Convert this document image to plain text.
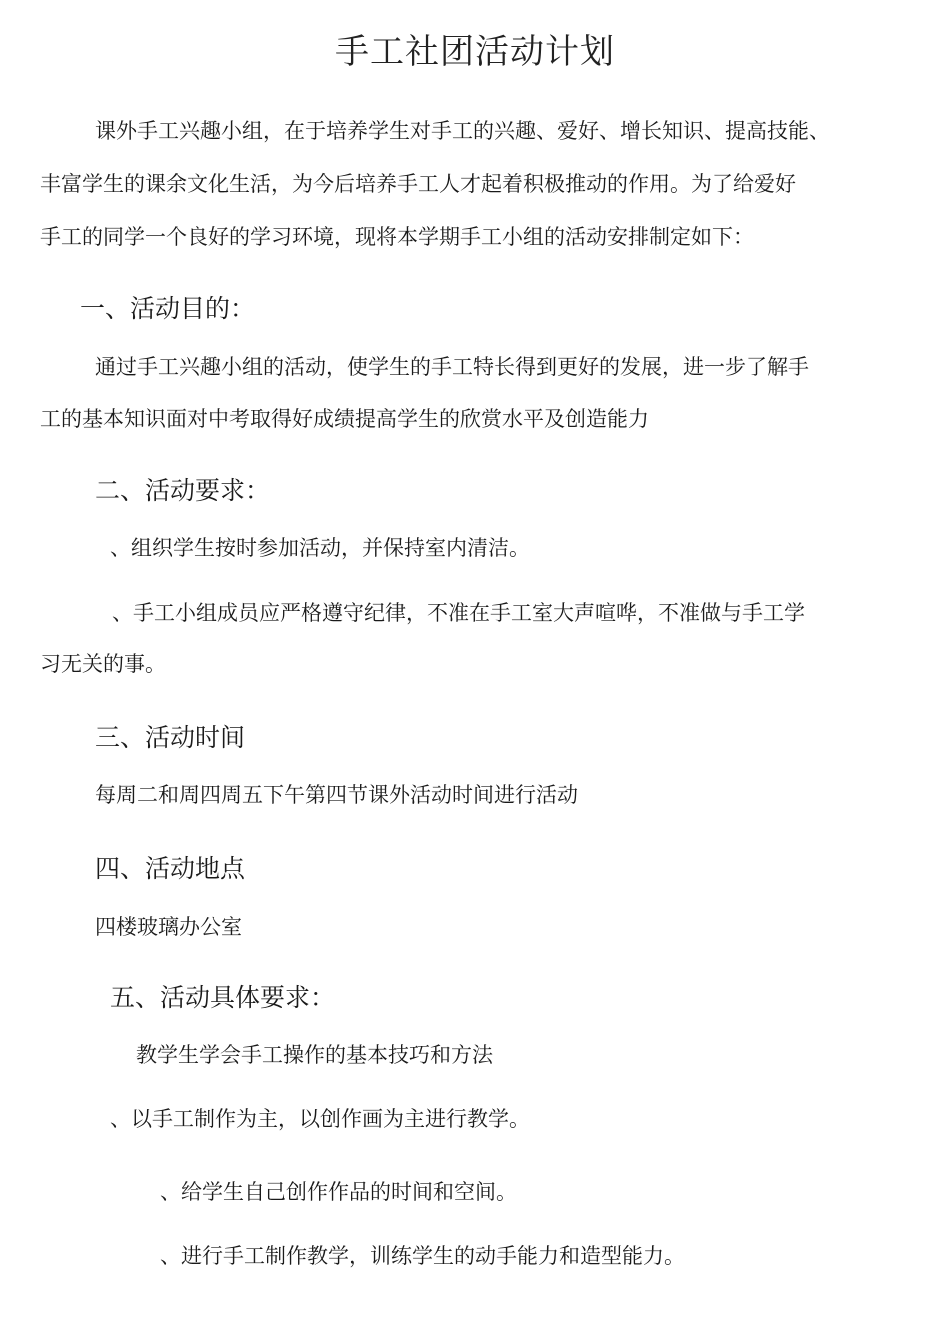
手工社团活动计划
课外手工兴趣小组，在于培养学生对手工的兴趣、爱好、增长知识、提高技能、
丰富学生的课余文化生活，为今后培养手工人才起着积极推动的作用。为了给爱好
手工的同学一个良好的学习环境，现将本学期手工小组的活动安排制定如下：
一、活动目的：
通过手工兴趣小组的活动，使学生的手工特长得到更好的发展，进一步了解手
工的基本知识面对中考取得好成绩提高学生的欣赏水平及创造能力
二、活动要求：
、组织学生按时参加活动，并保持室内清洁。
、手工小组成员应严格遵守纪律，不准在手工室大声喧哗，不准做与手工学
习无关的事。
三、活动时间
每周二和周四周五下午第四节课外活动时间进行活动
四、活动地点
四楼玻璃办公室
五、活动具体要求：
教学生学会手工操作的基本技巧和方法
、以手工制作为主，以创作画为主进行教学。
、给学生自己创作作品的时间和空间。
、进行手工制作教学，训练学生的动手能力和造型能力。
